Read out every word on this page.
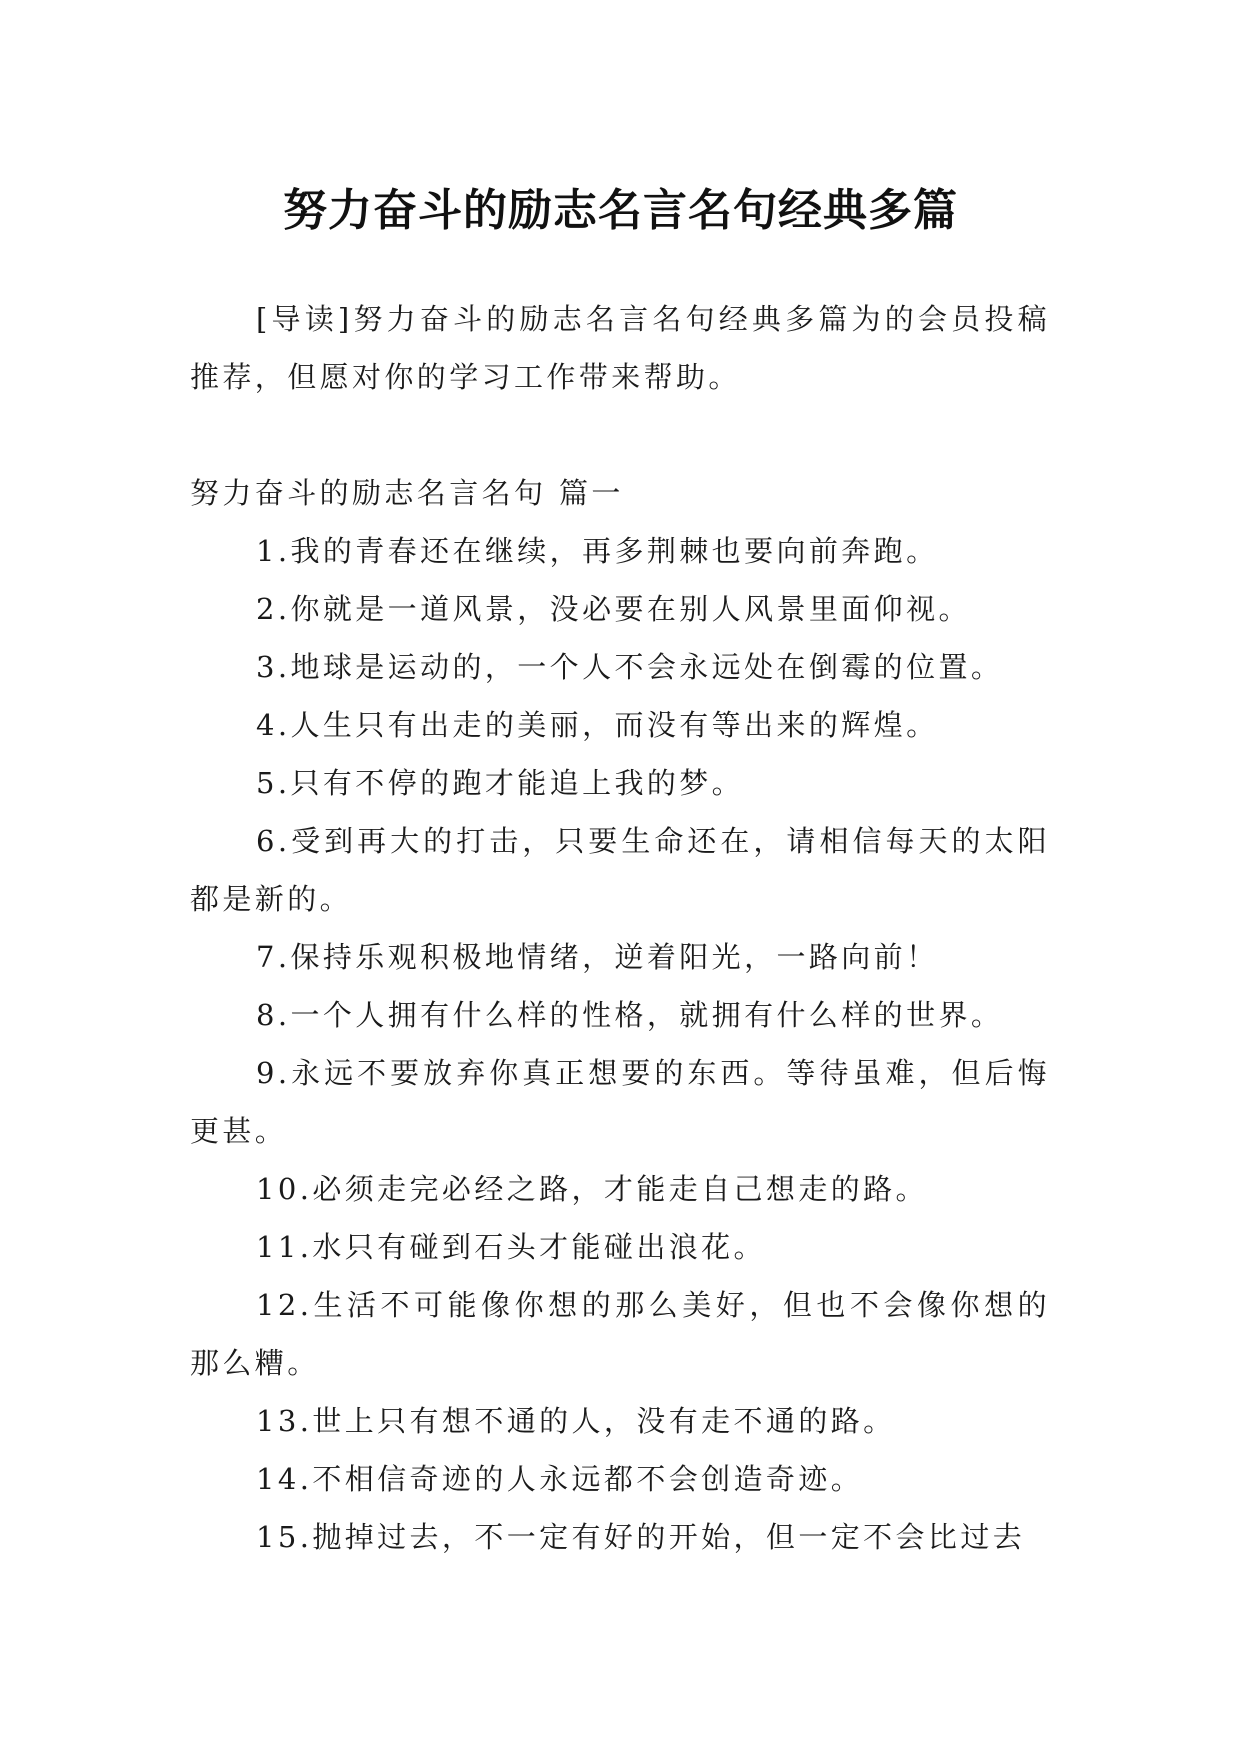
努力奋斗的励志名言名句经典多篇

[导读]努力奋斗的励志名言名句经典多篇为的会员投稿推荐，但愿对你的学习工作带来帮助。

努力奋斗的励志名言名句 篇一

1.我的青春还在继续，再多荆棘也要向前奔跑。
2.你就是一道风景，没必要在别人风景里面仰视。
3.地球是运动的，一个人不会永远处在倒霉的位置。
4.人生只有出走的美丽，而没有等出来的辉煌。
5.只有不停的跑才能追上我的梦。
6.受到再大的打击，只要生命还在，请相信每天的太阳都是新的。
7.保持乐观积极地情绪，逆着阳光，一路向前！
8.一个人拥有什么样的性格，就拥有什么样的世界。
9.永远不要放弃你真正想要的东西。等待虽难，但后悔更甚。
10.必须走完必经之路，才能走自己想走的路。
11.水只有碰到石头才能碰出浪花。
12.生活不可能像你想的那么美好，但也不会像你想的那么糟。
13.世上只有想不通的人，没有走不通的路。
14.不相信奇迹的人永远都不会创造奇迹。
15.抛掉过去，不一定有好的开始，但一定不会比过去
